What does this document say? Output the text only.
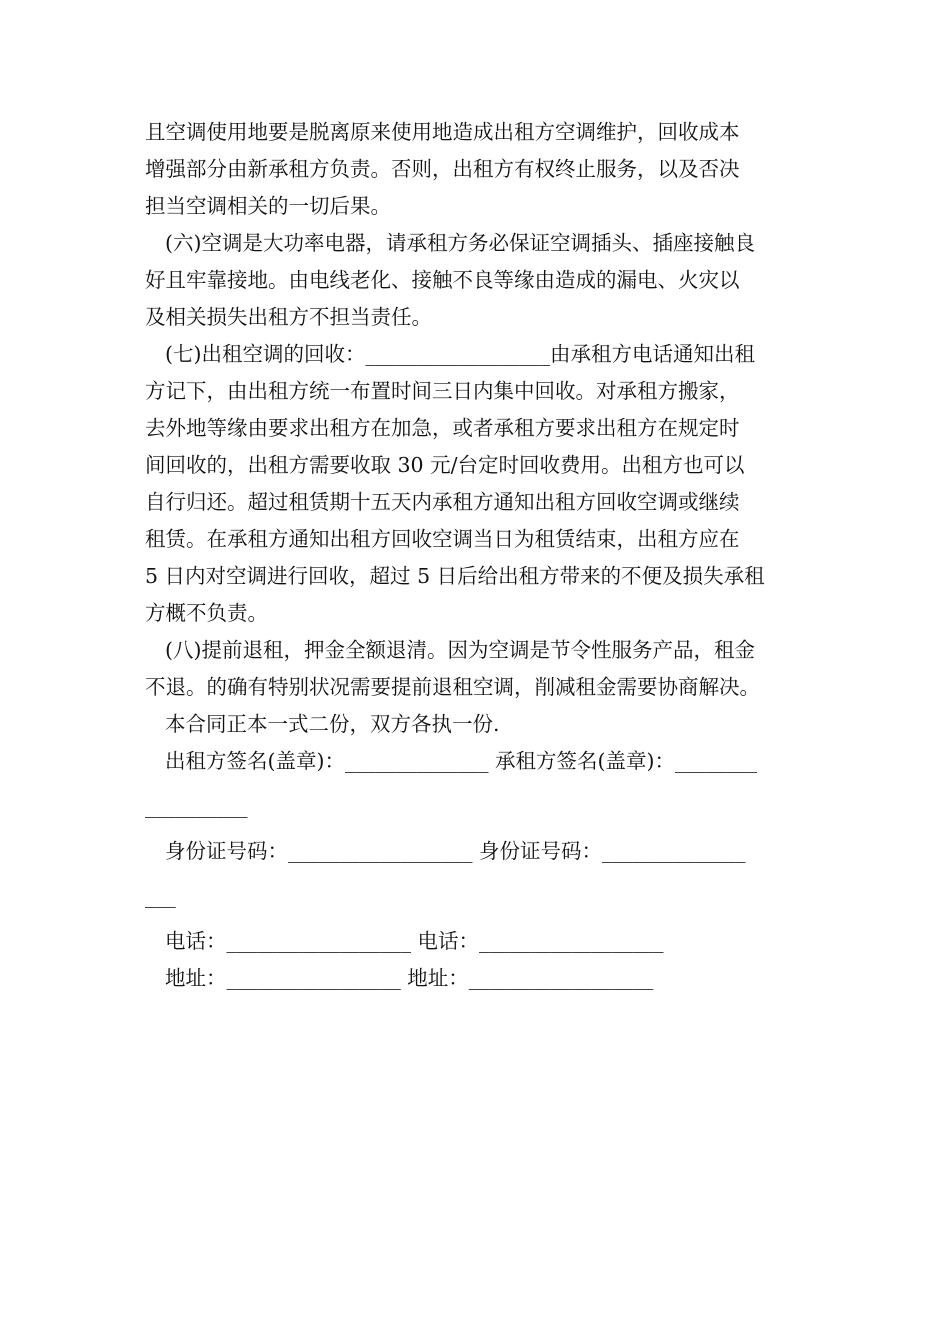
且空调使用地要是脱离原来使用地造成出租方空调维护，回收成本
增强部分由新承租方负责。否则，出租方有权终止服务，以及否决
担当空调相关的一切后果。
(六)空调是大功率电器，请承租方务必保证空调插头、插座接触良
好且牢靠接地。由电线老化、接触不良等缘由造成的漏电、火灾以
及相关损失出租方不担当责任。
(七)出租空调的回收：__________________由承租方电话通知出租
方记下，由出租方统一布置时间三日内集中回收。对承租方搬家，
去外地等缘由要求出租方在加急，或者承租方要求出租方在规定时
间回收的，出租方需要收取 30 元/台定时回收费用。出租方也可以
自行归还。超过租赁期十五天内承租方通知出租方回收空调或继续
租赁。在承租方通知出租方回收空调当日为租赁结束，出租方应在
5 日内对空调进行回收，超过 5 日后给出租方带来的不便及损失承租
方概不负责。
(八)提前退租，押金全额退清。因为空调是节令性服务产品，租金
不退。的确有特别状况需要提前退租空调，削减租金需要协商解决。
本合同正本一式二份，双方各执一份.
出租方签名(盖章)：______________ 承租方签名(盖章)：________
__________
身份证号码：__________________ 身份证号码：______________
___
电话：__________________ 电话：__________________
地址：_________________ 地址：__________________
